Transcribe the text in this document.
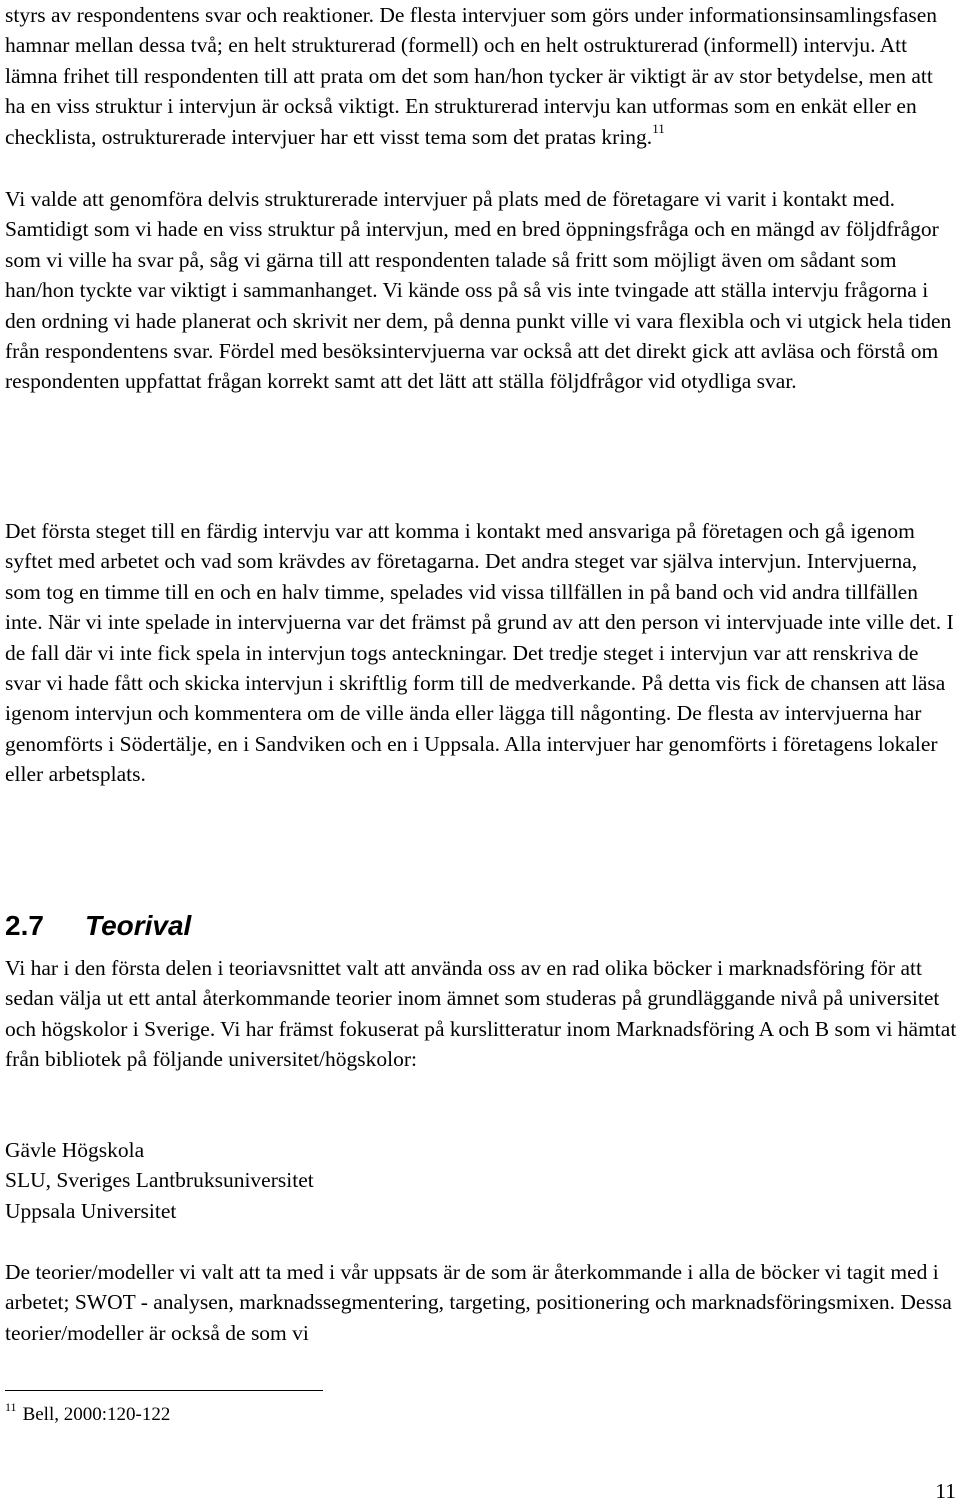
styrs av respondentens svar och reaktioner. De flesta intervjuer som görs under informationsinsamlingsfasen hamnar mellan dessa två; en helt strukturerad (formell) och en helt ostrukturerad (informell) intervju. Att lämna frihet till respondenten till att prata om det som han/hon tycker är viktigt är av stor betydelse, men att ha en viss struktur i intervjun är också viktigt. En strukturerad intervju kan utformas som en enkät eller en checklista, ostrukturerade intervjuer har ett visst tema som det pratas kring.$^{11}$

Vi valde att genomföra delvis strukturerade intervjuer på plats med de företagare vi varit i kontakt med. Samtidigt som vi hade en viss struktur på intervjun, med en bred öppningsfråga och en mängd av följdfrågor som vi ville ha svar på, såg vi gärna till att respondenten talade så fritt som möjligt även om sådant som han/hon tyckte var viktigt i sammanhanget. Vi kände oss på så vis inte tvingade att ställa intervju frågorna i den ordning vi hade planerat och skrivit ner dem, på denna punkt ville vi vara flexibla och vi utgick hela tiden från respondentens svar. Fördel med besöksintervjuerna var också att det direkt gick att avläsa och förstå om respondenten uppfattat frågan korrekt samt att det lätt att ställa följdfrågor vid otydliga svar.

Det första steget till en färdig intervju var att komma i kontakt med ansvariga på företagen och gå igenom syftet med arbetet och vad som krävdes av företagarna. Det andra steget var själva intervjun. Intervjuerna, som tog en timme till en och en halv timme, spelades vid vissa tillfällen in på band och vid andra tillfällen inte. När vi inte spelade in intervjuerna var det främst på grund av att den person vi intervjuade inte ville det. I de fall där vi inte fick spela in intervjun togs anteckningar. Det tredje steget i intervjun var att renskriva de svar vi hade fått och skicka intervjun i skriftlig form till de medverkande. På detta vis fick de chansen att läsa igenom intervjun och kommentera om de ville ända eller lägga till någonting. De flesta av intervjuerna har genomförts i Södertälje, en i Sandviken och en i Uppsala. Alla intervjuer har genomförts i företagens lokaler eller arbetsplats.

2.7 Teorival

Vi har i den första delen i teoriavsnittet valt att använda oss av en rad olika böcker i marknadsföring för att sedan välja ut ett antal återkommande teorier inom ämnet som studeras på grundläggande nivå på universitet och högskolor i Sverige. Vi har främst fokuserat på kurslitteratur inom Marknadsföring A och B som vi hämtat från bibliotek på följande universitet/högskolor:

Gävle Högskola
SLU, Sveriges Lantbruksuniversitet
Uppsala Universitet

De teorier/modeller vi valt att ta med i vår uppsats är de som är återkommande i alla de böcker vi tagit med i arbetet; SWOT - analysen, marknadssegmentering, targeting, positionering och marknadsföringsmixen. Dessa teorier/modeller är också de som vi

$^{11}$ Bell, 2000:120-122

11
